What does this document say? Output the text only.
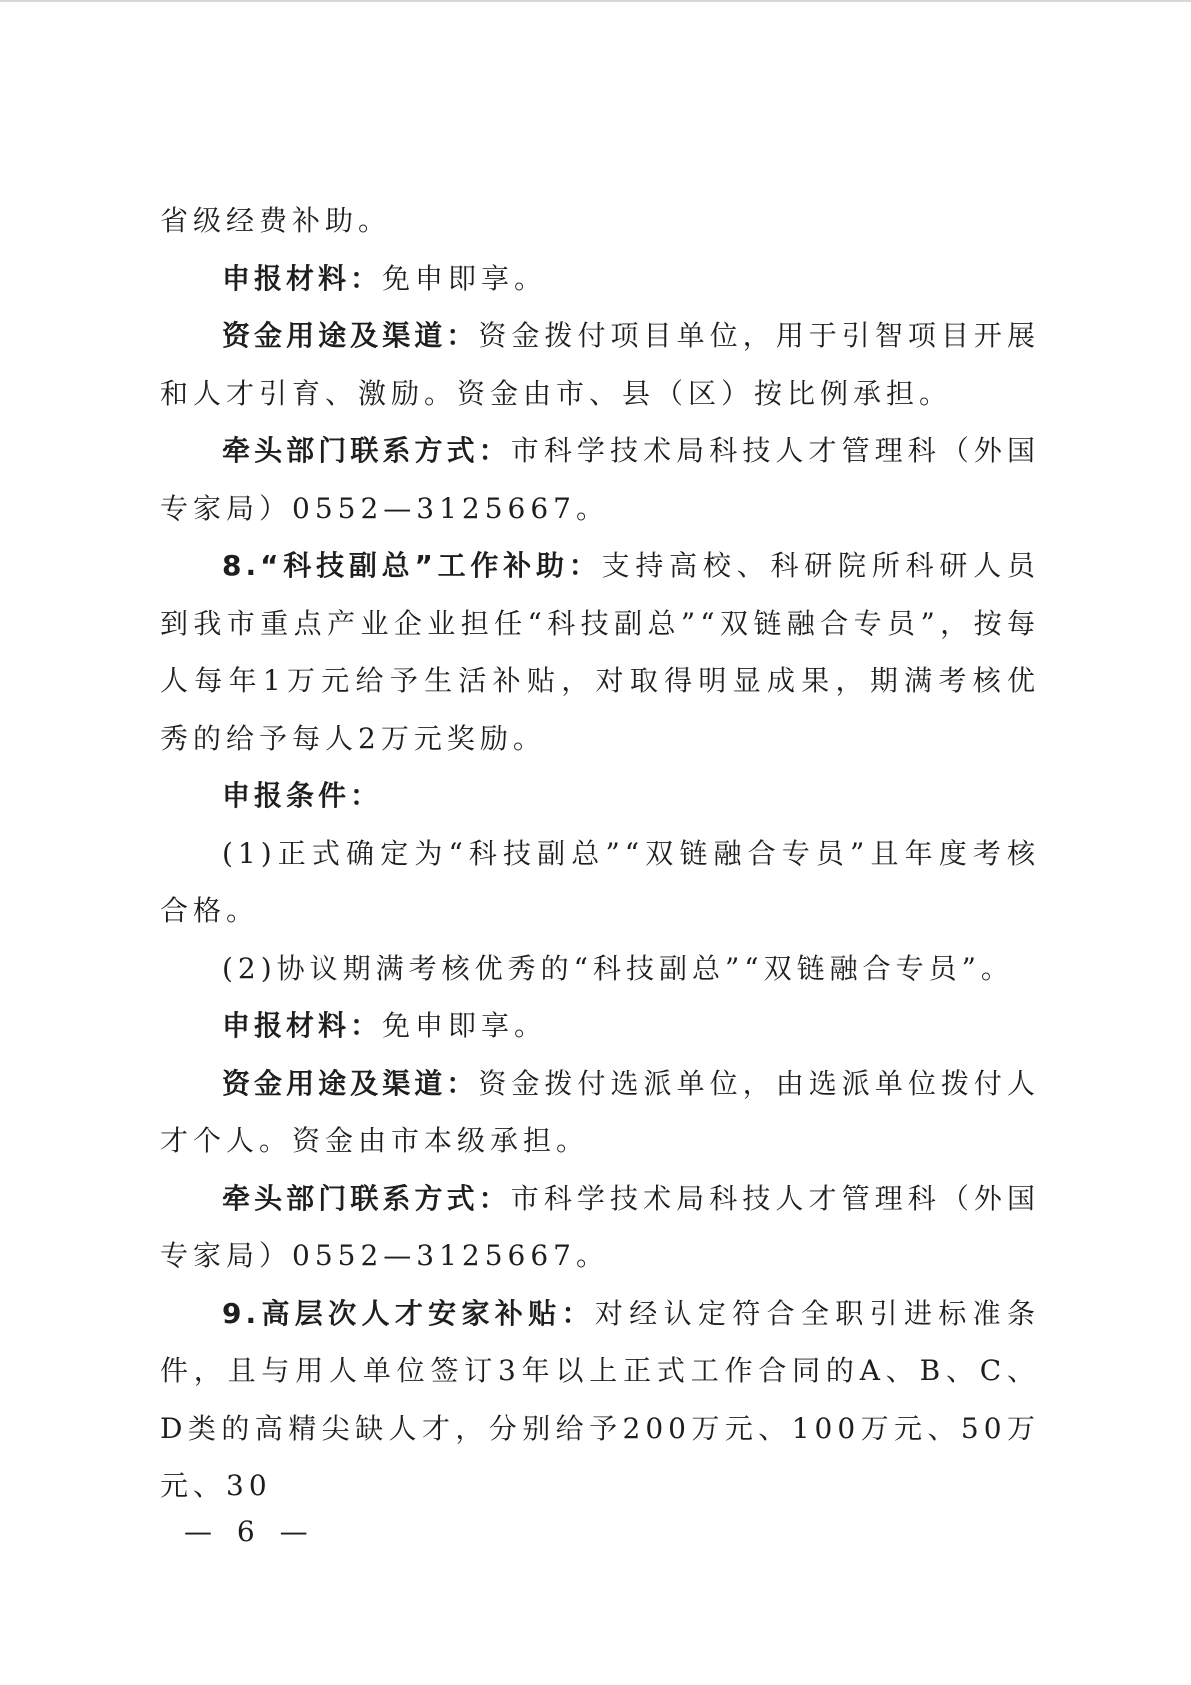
省级经费补助。

申报材料：免申即享。

资金用途及渠道：资金拨付项目单位，用于引智项目开展和人才引育、激励。资金由市、县（区）按比例承担。

牵头部门联系方式：市科学技术局科技人才管理科（外国专家局）0552—3125667。

8.“科技副总”工作补助：支持高校、科研院所科研人员到我市重点产业企业担任“科技副总”“双链融合专员”，按每人每年1万元给予生活补贴，对取得明显成果，期满考核优秀的给予每人2万元奖励。

申报条件：

(1)正式确定为“科技副总”“双链融合专员”且年度考核合格。

(2)协议期满考核优秀的“科技副总”“双链融合专员”。

申报材料：免申即享。

资金用途及渠道：资金拨付选派单位，由选派单位拨付人才个人。资金由市本级承担。

牵头部门联系方式：市科学技术局科技人才管理科（外国专家局）0552—3125667。

9.高层次人才安家补贴：对经认定符合全职引进标准条件，且与用人单位签订3年以上正式工作合同的A、B、C、D类的高精尖缺人才，分别给予200万元、100万元、50万元、30

— 6 —
